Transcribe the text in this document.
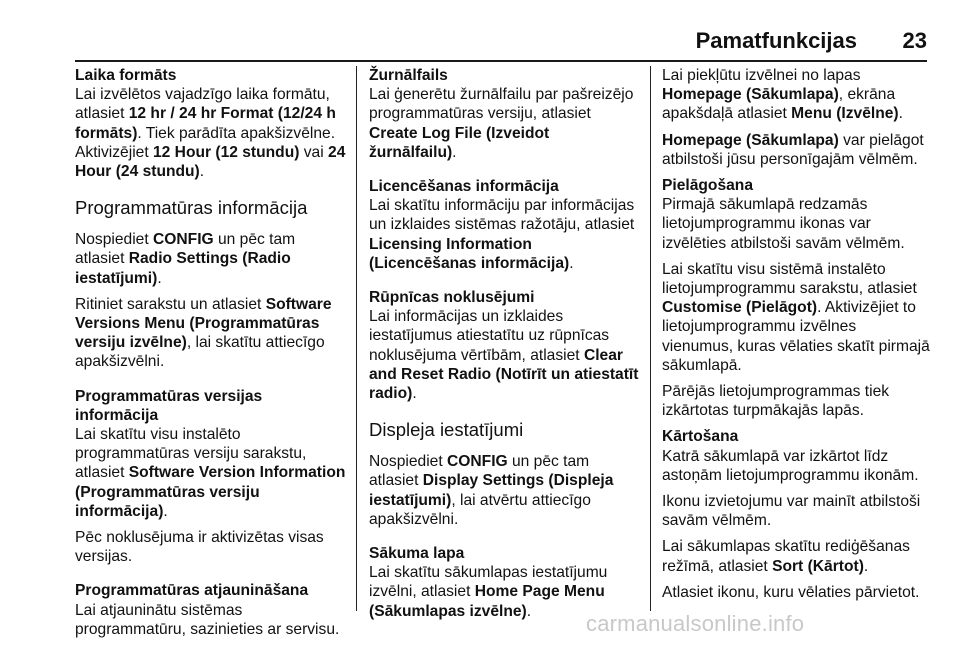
Pamatfunkcijas 23
Laika formāts

Lai izvēlētos vajadzīgo laika formātu, atlasiet 12 hr / 24 hr Format (12/24 h formāts). Tiek parādīta apakšizvēlne. Aktivizējiet 12 Hour (12 stundu) vai 24 Hour (24 stundu).

Programmatūras informācija

Nospiediet CONFIG un pēc tam atlasiet Radio Settings (Radio iestatījumi).

Ritiniet sarakstu un atlasiet Software Versions Menu (Programmatūras versiju izvēlne), lai skatītu attiecīgo apakšizvēlni.

Programmatūras versijas informācija

Lai skatītu visu instalēto programmatūras versiju sarakstu, atlasiet Software Version Information (Programmatūras versiju informācija).

Pēc noklusējuma ir aktivizētas visas versijas.

Programmatūras atjaunināšana

Lai atjauninātu sistēmas programmatūru, sazinieties ar servisu.

Žurnālfails

Lai ģenerētu žurnālfailu par pašreizējo programmatūras versiju, atlasiet Create Log File (Izveidot žurnālfailu).

Licencēšanas informācija

Lai skatītu informāciju par informācijas un izklaides sistēmas ražotāju, atlasiet Licensing Information (Licencēšanas informācija).

Rūpnīcas noklusējumi

Lai informācijas un izklaides iestatījumus atiestatītu uz rūpnīcas noklusējuma vērtībām, atlasiet Clear and Reset Radio (Notīrīt un atiestatīt radio).

Displeja iestatījumi

Nospiediet CONFIG un pēc tam atlasiet Display Settings (Displeja iestatījumi), lai atvērtu attiecīgo apakšizvēlni.

Sākuma lapa

Lai skatītu sākumlapas iestatījumu izvēlni, atlasiet Home Page Menu (Sākumlapas izvēlne).

Lai piekļūtu izvēlnei no lapas Homepage (Sākumlapa), ekrāna apakšdaļā atlasiet Menu (Izvēlne).

Homepage (Sākumlapa) var pielāgot atbilstoši jūsu personīgajām vēlmēm.

Pielāgošana

Pirmajā sākumlapā redzamās lietojumprogrammu ikonas var izvēlēties atbilstoši savām vēlmēm.

Lai skatītu visu sistēmā instalēto lietojumprogrammu sarakstu, atlasiet Customise (Pielāgot). Aktivizējiet to lietojumprogrammu izvēlnes vienumus, kuras vēlaties skatīt pirmajā sākumlapā.

Pārējās lietojumprogrammas tiek izkārtotas turpmākajās lapās.

Kārtošana

Katrā sākumlapā var izkārtot līdz astoņām lietojumprogrammu ikonām.

Ikonu izvietojumu var mainīt atbilstoši savām vēlmēm.

Lai sākumlapas skatītu rediģēšanas režīmā, atlasiet Sort (Kārtot).

Atlasiet ikonu, kuru vēlaties pārvietot.

carmanualsonline.info
